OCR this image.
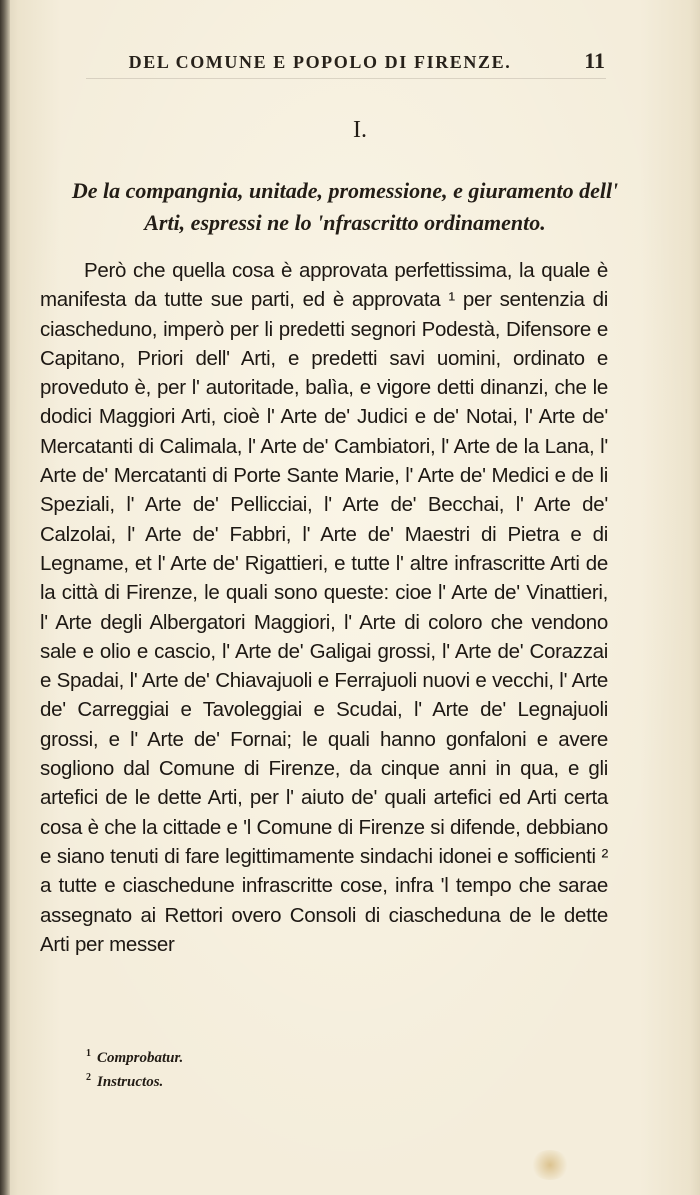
DEL COMUNE E POPOLO DI FIRENZE.	11
I.
De la compangnia, unitade, promessione, e giuramento dell' Arti, espressi ne lo 'nfrascritto ordinamento.
Però che quella cosa è approvata perfettissima, la quale è manifesta da tutte sue parti, ed è approvata ¹ per sentenzia di ciascheduno, imperò per li predetti segnori Podestà, Difensore e Capitano, Priori dell' Arti, e predetti savi uomini, ordinato e proveduto è, per l' autoritade, balìa, e vigore detti dinanzi, che le dodici Maggiori Arti, cioè l' Arte de' Judici e de' Notai, l' Arte de' Mercatanti di Calimala, l' Arte de' Cambiatori, l' Arte de la Lana, l' Arte de' Mercatanti di Porte Sante Marie, l' Arte de' Medici e de li Speziali, l' Arte de' Pellicciai, l' Arte de' Becchai, l' Arte de' Calzolai, l' Arte de' Fabbri, l' Arte de' Maestri di Pietra e di Legname, et l' Arte de' Rigattieri, e tutte l' altre infrascritte Arti de la città di Firenze, le quali sono queste: cioe l' Arte de' Vinattieri, l' Arte degli Albergatori Maggiori, l' Arte di coloro che vendono sale e olio e cascio, l' Arte de' Galigai grossi, l' Arte de' Corazzai e Spadai, l' Arte de' Chiavajuoli e Ferrajuoli nuovi e vecchi, l' Arte de' Carreggiai e Tavoleggiai e Scudai, l' Arte de' Legnajuoli grossi, e l' Arte de' Fornai; le quali hanno gonfaloni e avere sogliono dal Comune di Firenze, da cinque anni in qua, e gli artefici de le dette Arti, per l' aiuto de' quali artefici ed Arti certa cosa è che la cittade e 'l Comune di Firenze si difende, debbiano e siano tenuti di fare legittimamente sindachi idonei e sofficienti ² a tutte e ciaschedune infrascritte cose, infra 'l tempo che sarae assegnato ai Rettori overo Consoli di ciascheduna de le dette Arti per messer
$^1$ Comprobatur.
$^2$ Instructos.
